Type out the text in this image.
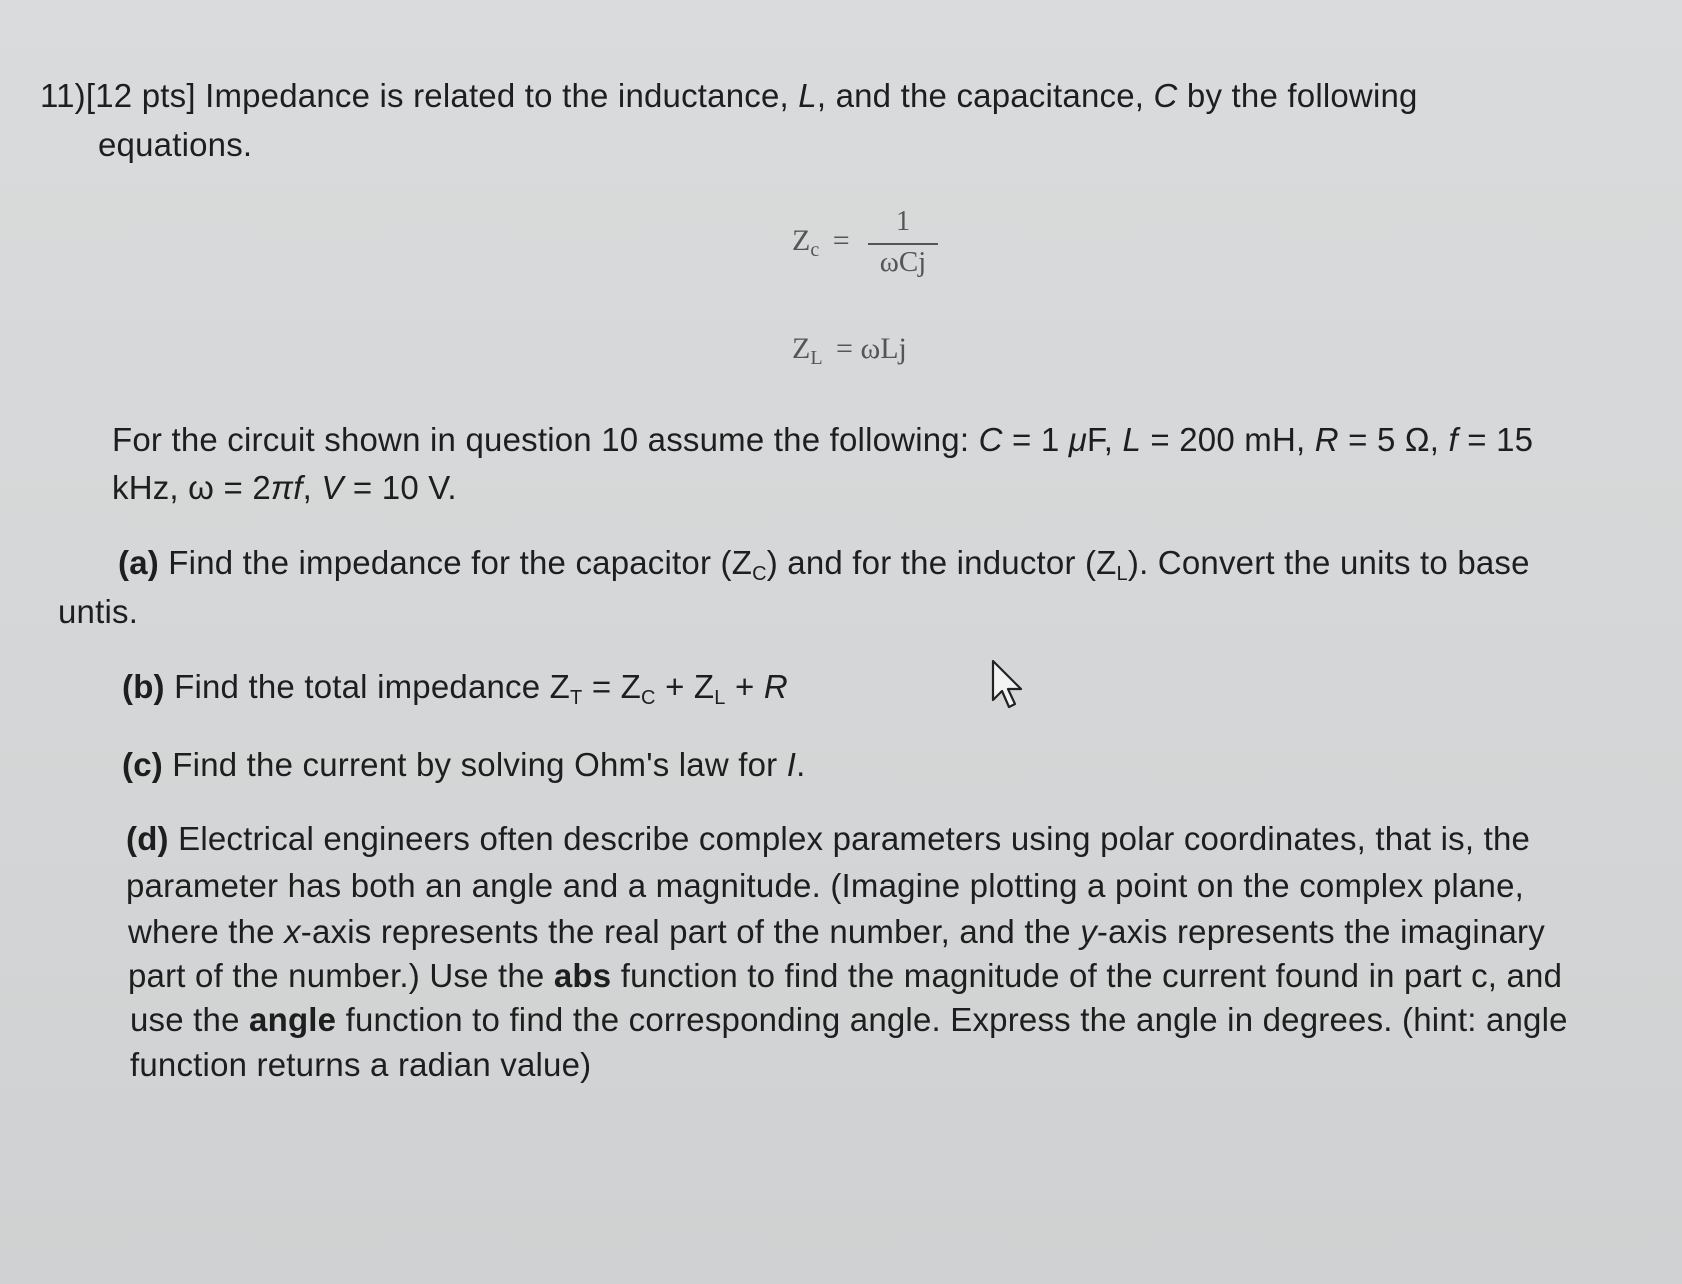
11)[12 pts] Impedance is related to the inductance, L, and the capacitance, C by the following
equations.
$Z_c$ =
1
ωCj
$Z_L = \omega Lj$
For the circuit shown in question 10 assume the following: C = 1 μF, L = 200 mH, R = 5 Ω, f = 15
kHz, ω = 2πf, V = 10 V.
(a) Find the impedance for the capacitor $(Z_C)$ and for the inductor $(Z_L)$. Convert the units to base
untis.
(b) Find the total impedance $Z_T = Z_C + Z_L + R$
(c) Find the current by solving Ohm's law for I.
(d) Electrical engineers often describe complex parameters using polar coordinates, that is, the
parameter has both an angle and a magnitude. (Imagine plotting a point on the complex plane,
where the x-axis represents the real part of the number, and the y-axis represents the imaginary
part of the number.) Use the abs function to find the magnitude of the current found in part c, and
use the angle function to find the corresponding angle. Express the angle in degrees. (hint: angle
function returns a radian value)
